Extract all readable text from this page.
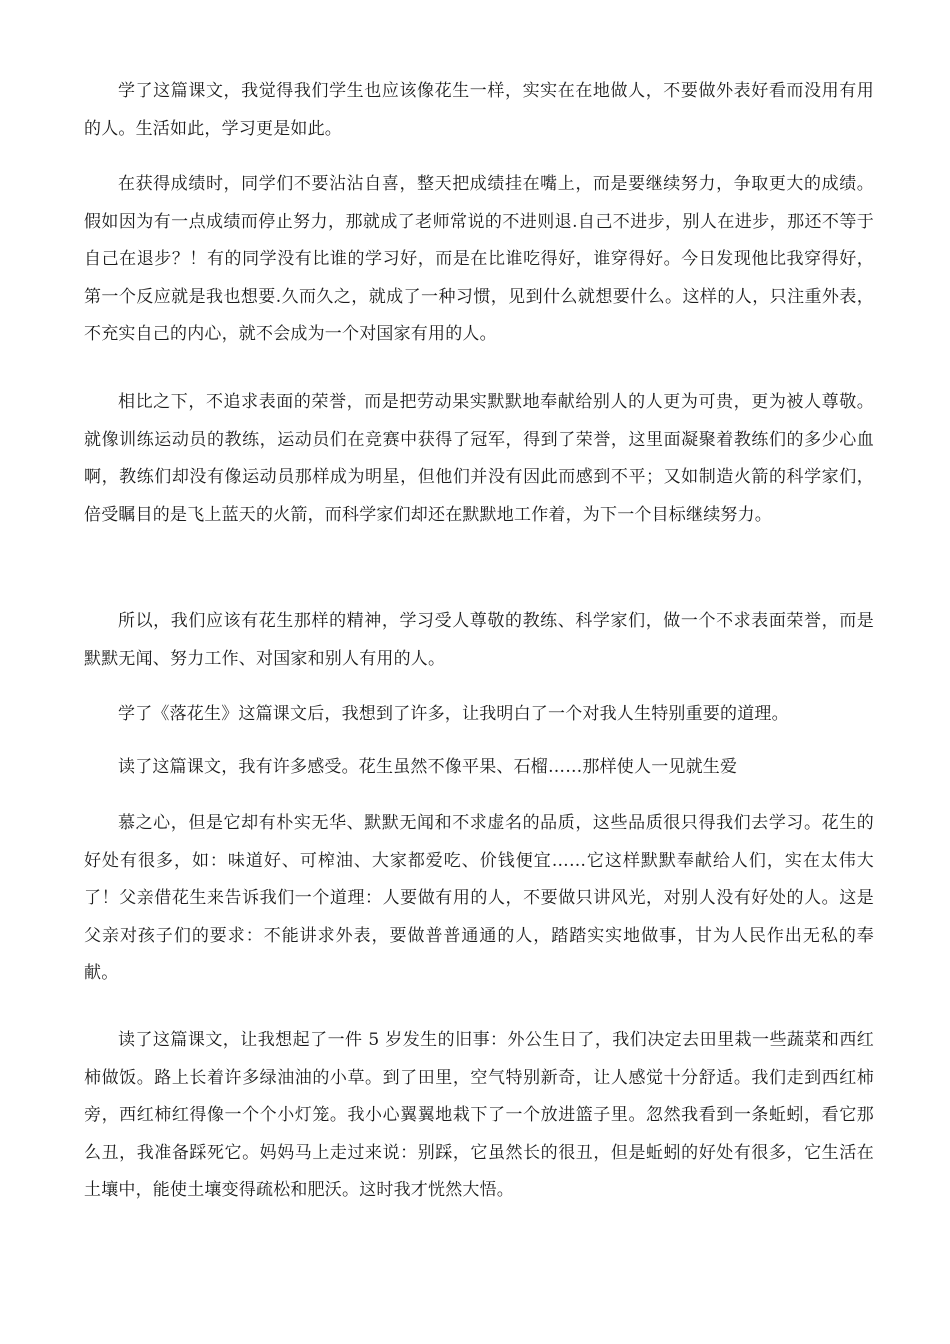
学了这篇课文，我觉得我们学生也应该像花生一样，实实在在地做人，不要做外表好看而没用有用的人。生活如此，学习更是如此。

在获得成绩时，同学们不要沾沾自喜，整天把成绩挂在嘴上，而是要继续努力，争取更大的成绩。假如因为有一点成绩而停止努力，那就成了老师常说的不进则退.自己不进步，别人在进步，那还不等于自己在退步？！有的同学没有比谁的学习好，而是在比谁吃得好，谁穿得好。今日发现他比我穿得好，第一个反应就是我也想要.久而久之，就成了一种习惯，见到什么就想要什么。这样的人，只注重外表，不充实自己的内心，就不会成为一个对国家有用的人。

相比之下，不追求表面的荣誉，而是把劳动果实默默地奉献给别人的人更为可贵，更为被人尊敬。就像训练运动员的教练，运动员们在竞赛中获得了冠军，得到了荣誉，这里面凝聚着教练们的多少心血啊，教练们却没有像运动员那样成为明星，但他们并没有因此而感到不平；又如制造火箭的科学家们，倍受瞩目的是飞上蓝天的火箭，而科学家们却还在默默地工作着，为下一个目标继续努力。

所以，我们应该有花生那样的精神，学习受人尊敬的教练、科学家们，做一个不求表面荣誉，而是默默无闻、努力工作、对国家和别人有用的人。

学了《落花生》这篇课文后，我想到了许多，让我明白了一个对我人生特别重要的道理。

读了这篇课文，我有许多感受。花生虽然不像平果、石榴……那样使人一见就生爱

慕之心，但是它却有朴实无华、默默无闻和不求虚名的品质，这些品质很只得我们去学习。花生的好处有很多，如：味道好、可榨油、大家都爱吃、价钱便宜……它这样默默奉献给人们，实在太伟大了！父亲借花生来告诉我们一个道理：人要做有用的人，不要做只讲风光，对别人没有好处的人。这是父亲对孩子们的要求：不能讲求外表，要做普普通通的人，踏踏实实地做事，甘为人民作出无私的奉献。

读了这篇课文，让我想起了一件 5 岁发生的旧事：外公生日了，我们决定去田里栽一些蔬菜和西红柿做饭。路上长着许多绿油油的小草。到了田里，空气特别新奇，让人感觉十分舒适。我们走到西红柿旁，西红柿红得像一个个小灯笼。我小心翼翼地栽下了一个放进篮子里。忽然我看到一条蚯蚓，看它那么丑，我准备踩死它。妈妈马上走过来说：别踩，它虽然长的很丑，但是蚯蚓的好处有很多，它生活在土壤中，能使土壤变得疏松和肥沃。这时我才恍然大悟。
